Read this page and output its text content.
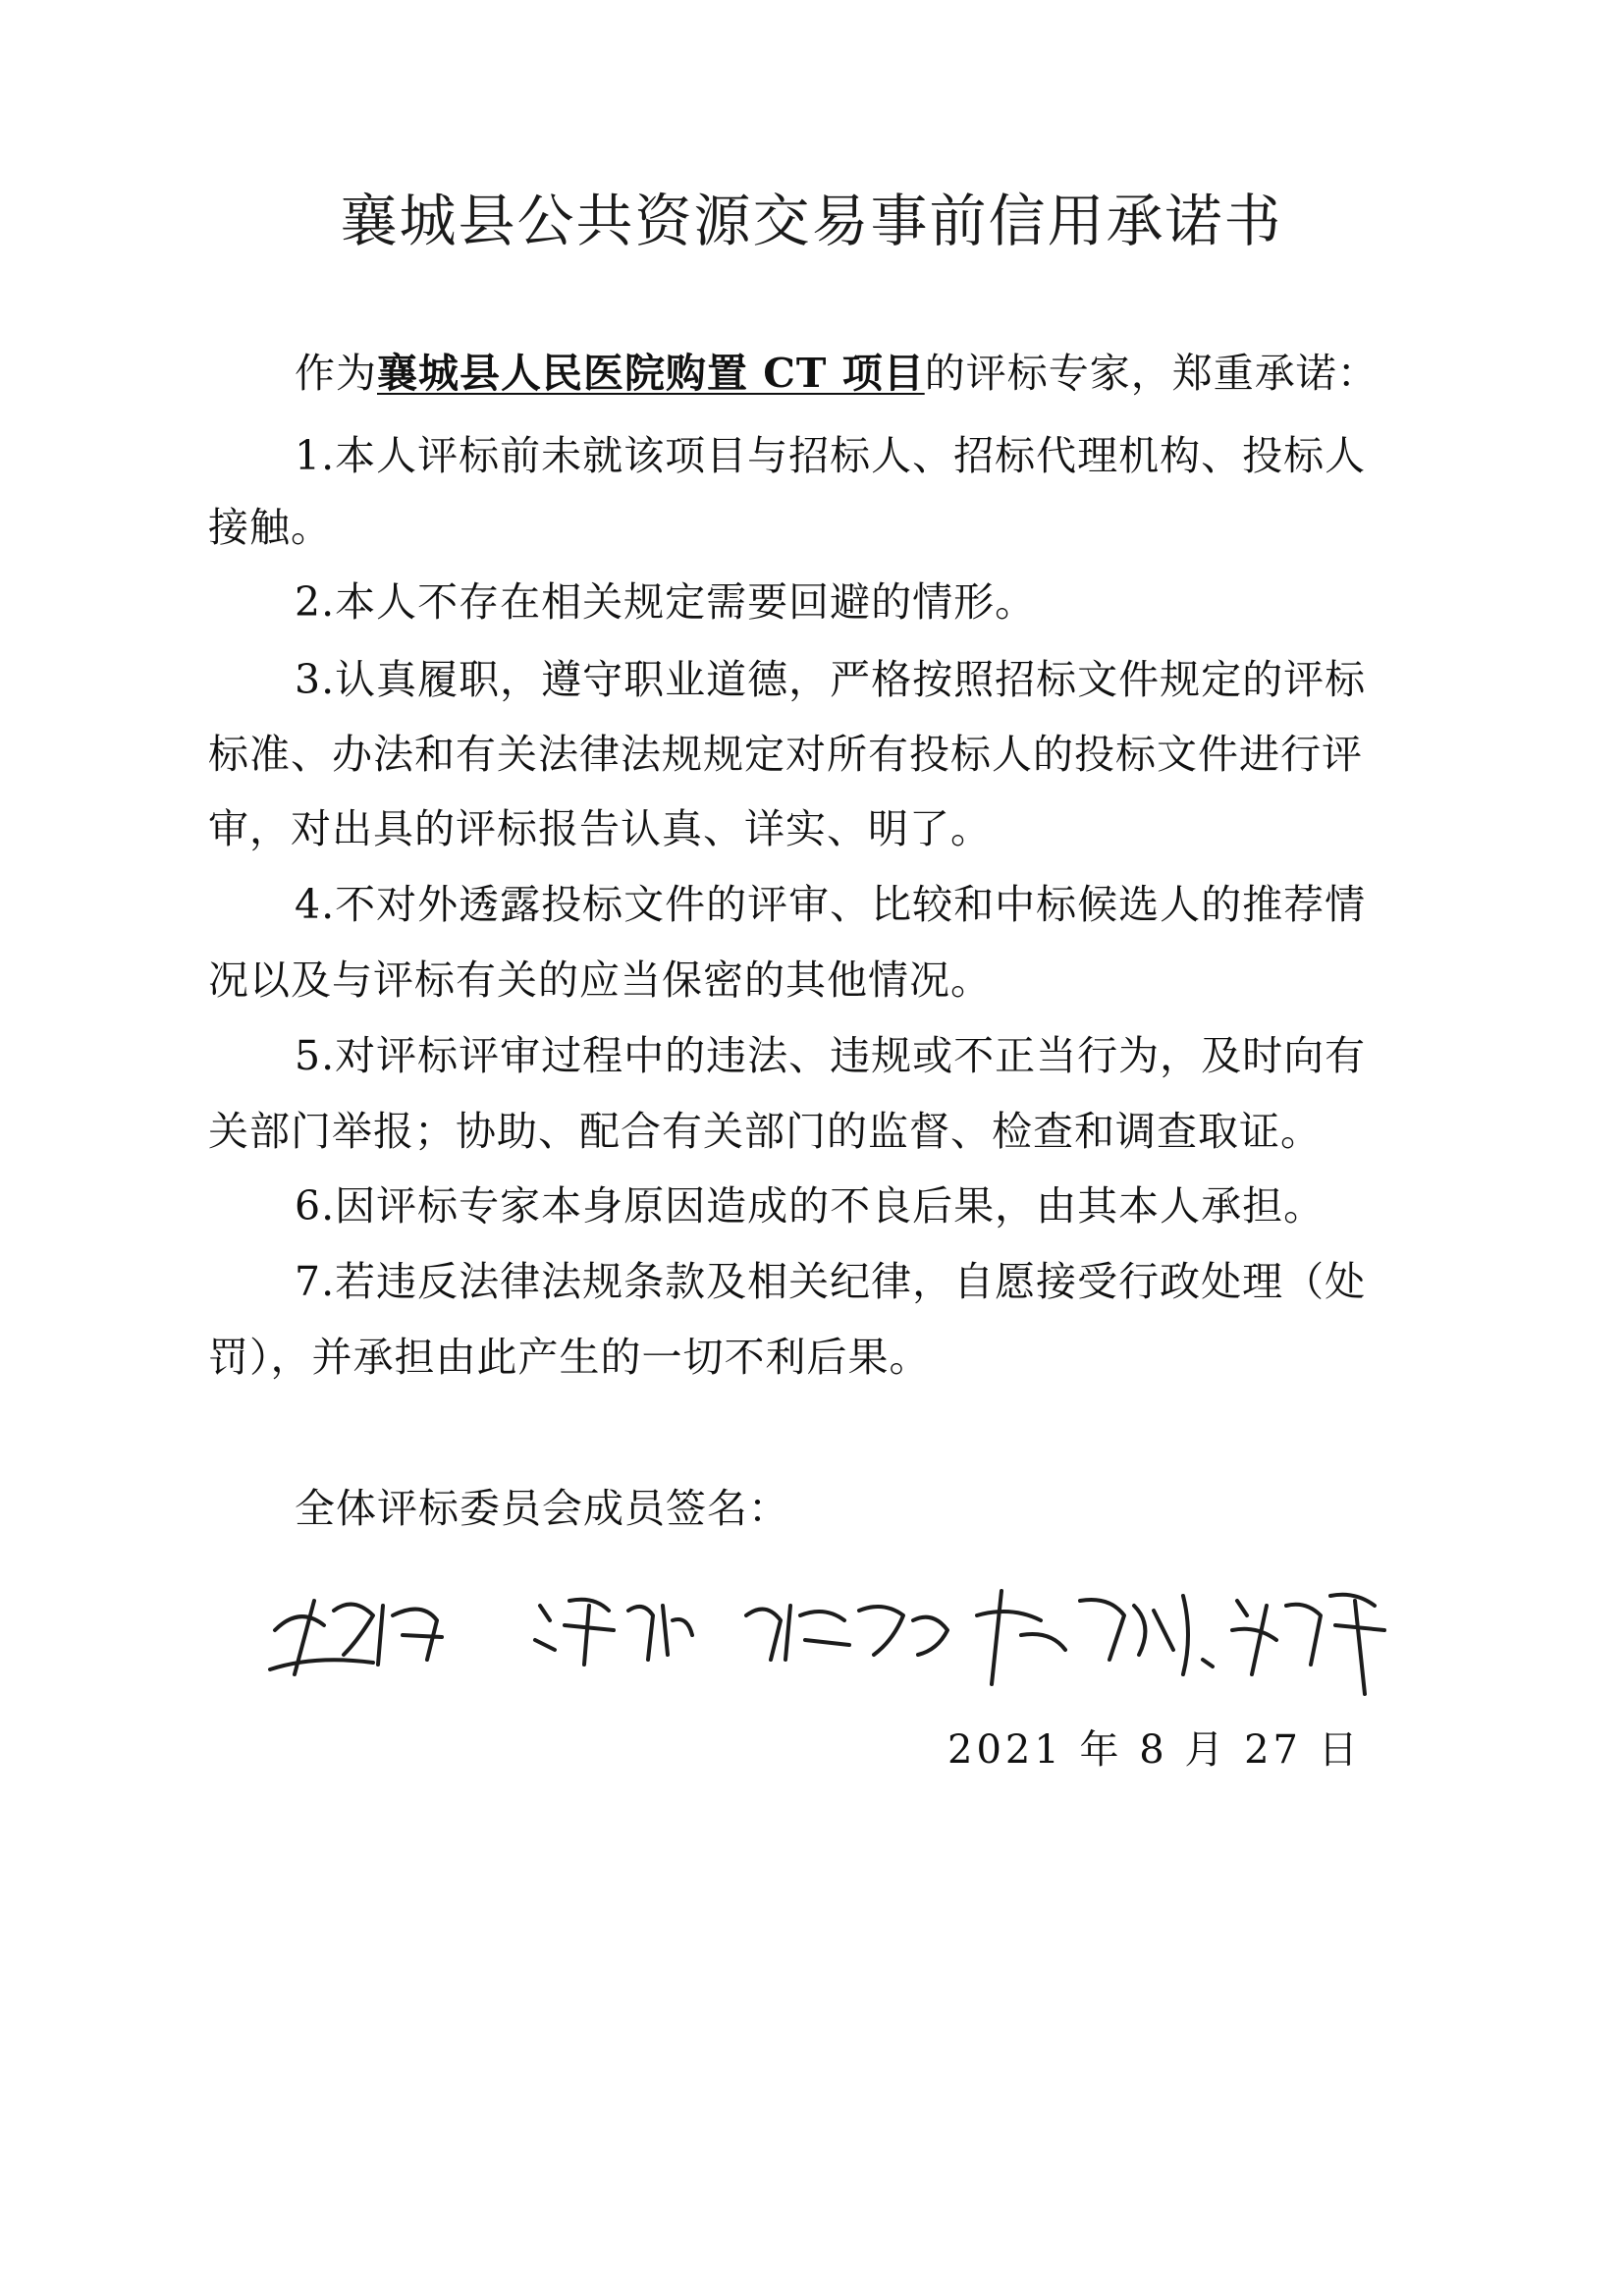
襄城县公共资源交易事前信用承诺书
作为襄城县人民医院购置 CT 项目的评标专家，郑重承诺：
1.本人评标前未就该项目与招标人、招标代理机构、投标人
接触。
2.本人不存在相关规定需要回避的情形。
3.认真履职，遵守职业道德，严格按照招标文件规定的评标
标准、办法和有关法律法规规定对所有投标人的投标文件进行评
审，对出具的评标报告认真、详实、明了。
4.不对外透露投标文件的评审、比较和中标候选人的推荐情
况以及与评标有关的应当保密的其他情况。
5.对评标评审过程中的违法、违规或不正当行为，及时向有
关部门举报；协助、配合有关部门的监督、检查和调查取证。
6.因评标专家本身原因造成的不良后果，由其本人承担。
7.若违反法律法规条款及相关纪律，自愿接受行政处理（处
罚），并承担由此产生的一切不利后果。
全体评标委员会成员签名：
2021 年 8 月 27 日
